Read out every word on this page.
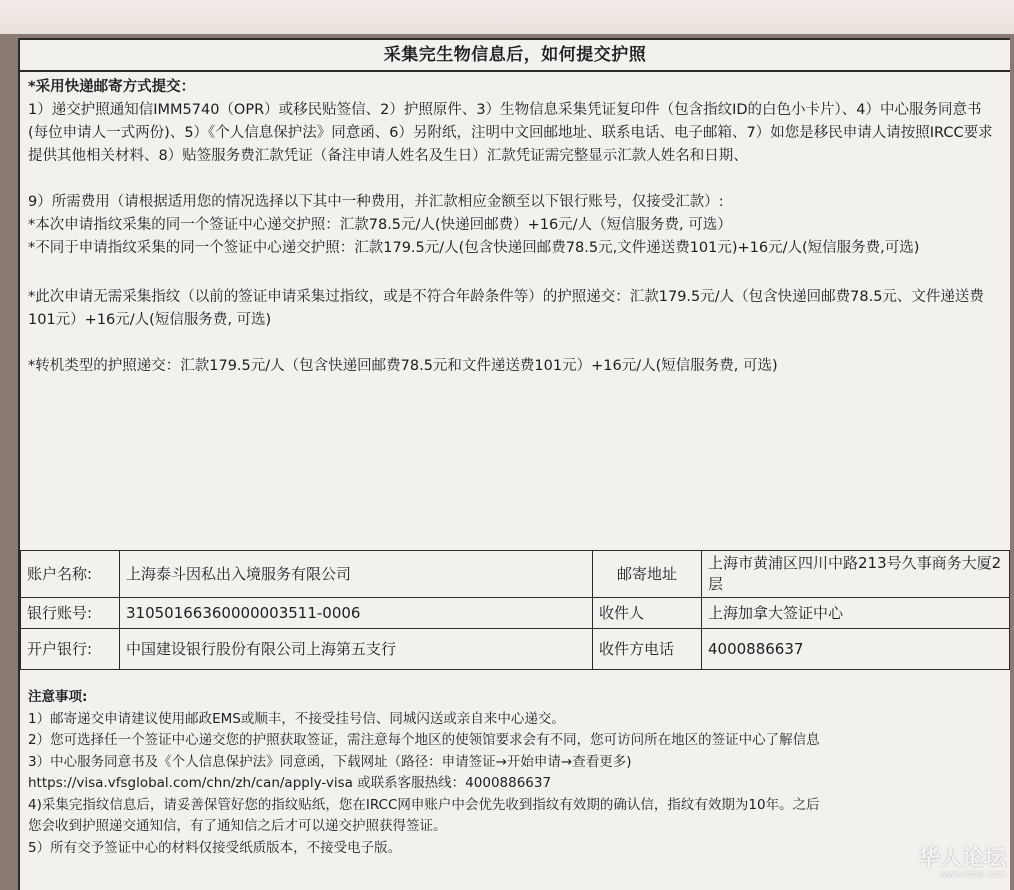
采集完生物信息后，如何提交护照

*采用快递邮寄方式提交：

1）递交护照通知信IMM5740（OPR）或移民贴签信、2）护照原件、3）生物信息采集凭证复印件（包含指纹ID的白色小卡片）、4）中心服务同意书(每位申请人一式两份)、5）《个人信息保护法》同意函、6）另附纸，注明中文回邮地址、联系电话、电子邮箱、7）如您是移民申请人请按照IRCC要求提供其他相关材料、8）贴签服务费汇款凭证（备注申请人姓名及生日）汇款凭证需完整显示汇款人姓名和日期、

9）所需费用（请根据适用您的情况选择以下其中一种费用，并汇款相应金额至以下银行账号，仅接受汇款）:

*本次申请指纹采集的同一个签证中心递交护照：汇款78.5元/人(快递回邮费）+16元/人（短信服务费, 可选）

*不同于申请指纹采集的同一个签证中心递交护照：汇款179.5元/人(包含快递回邮费78.5元,文件递送费101元)+16元/人(短信服务费,可选)

*此次申请无需采集指纹（以前的签证申请采集过指纹，或是不符合年龄条件等）的护照递交：汇款179.5元/人（包含快递回邮费78.5元、文件递送费101元）+16元/人(短信服务费, 可选)

*转机类型的护照递交：汇款179.5元/人（包含快递回邮费78.5元和文件递送费101元）+16元/人(短信服务费, 可选)

账户名称:	上海泰斗因私出入境服务有限公司	邮寄地址	上海市黄浦区四川中路213号久事商务大厦2层
银行账号:	31050166360000003511-0006	收件人	上海加拿大签证中心
开户银行:	中国建设银行股份有限公司上海第五支行	收件方电话	4000886637

注意事项:

1）邮寄递交申请建议使用邮政EMS或顺丰，不接受挂号信、同城闪送或亲自来中心递交。

2）您可选择任一个签证中心递交您的护照获取签证，需注意每个地区的使领馆要求会有不同，您可访问所在地区的签证中心了解信息

3）中心服务同意书及《个人信息保护法》同意函，下载网址（路径：申请签证→开始申请→查看更多)

https://visa.vfsglobal.com/chn/zh/can/apply-visa 或联系客服热线：4000886637

4)采集完指纹信息后，请妥善保管好您的指纹贴纸，您在IRCC网申账户中会优先收到指纹有效期的确认信，指纹有效期为10年。之后

您会收到护照递交通知信，有了通知信之后才可以递交护照获得签证。

5）所有交予签证中心的材料仅接受纸质版本，不接受电子版。	华人论坛
www.ihb8.com
